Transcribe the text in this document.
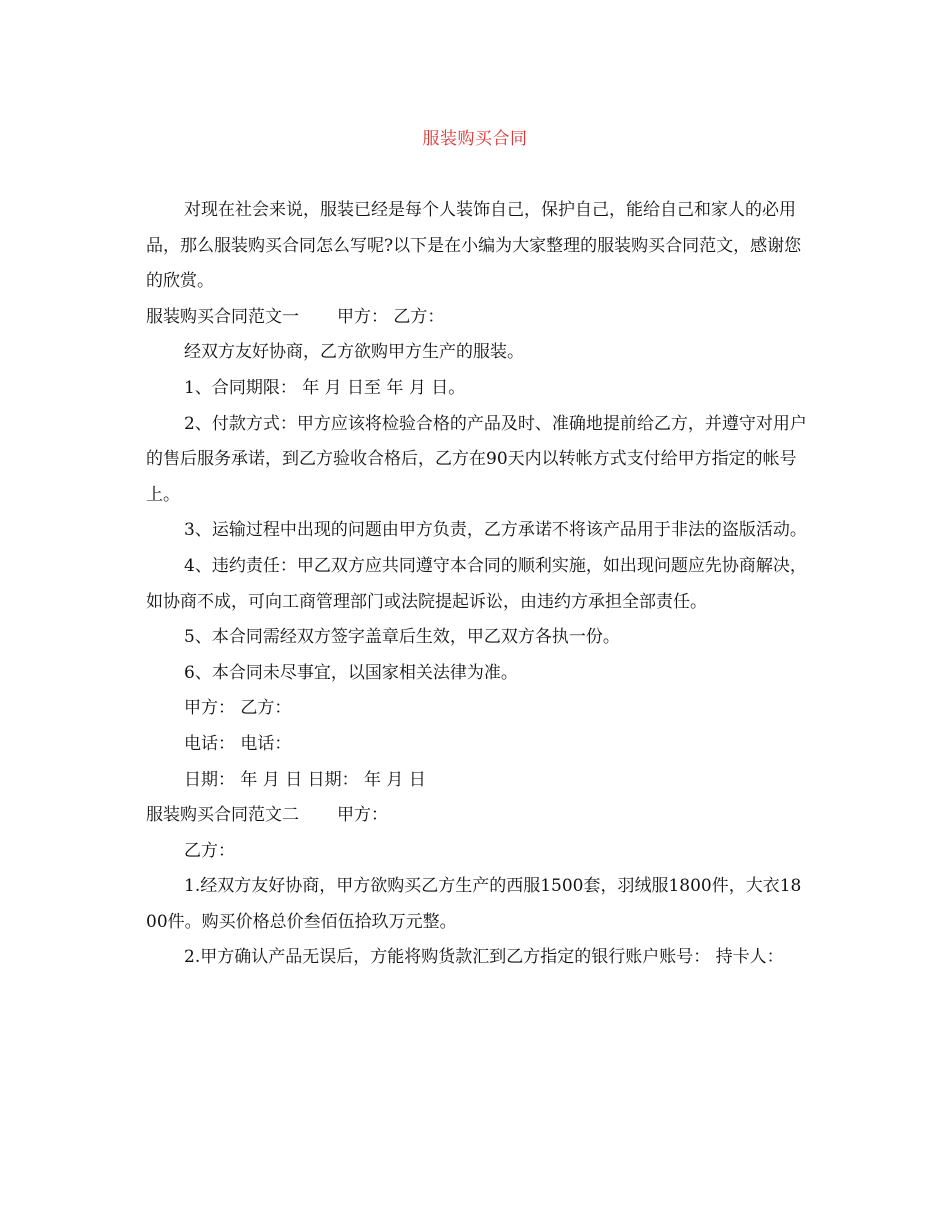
服装购买合同

对现在社会来说，服装已经是每个人装饰自己，保护自己，能给自己和家人的必用品，那么服装购买合同怎么写呢?以下是在小编为大家整理的服装购买合同范文，感谢您的欣赏。

服装购买合同范文一 甲方： 乙方：

经双方友好协商，乙方欲购甲方生产的服装。

1、合同期限： 年 月 日至 年 月 日。

2、付款方式：甲方应该将检验合格的产品及时、准确地提前给乙方，并遵守对用户的售后服务承诺，到乙方验收合格后，乙方在90天内以转帐方式支付给甲方指定的帐号上。

3、运输过程中出现的问题由甲方负责，乙方承诺不将该产品用于非法的盗版活动。

4、违约责任：甲乙双方应共同遵守本合同的顺利实施，如出现问题应先协商解决，如协商不成，可向工商管理部门或法院提起诉讼，由违约方承担全部责任。

5、本合同需经双方签字盖章后生效，甲乙双方各执一份。

6、本合同未尽事宜，以国家相关法律为准。

甲方： 乙方：

电话： 电话：

日期： 年 月 日 日期： 年 月 日

服装购买合同范文二 甲方：

乙方：

1.经双方友好协商，甲方欲购买乙方生产的西服1500套，羽绒服1800件，大衣1800件。购买价格总价叁佰伍拾玖万元整。

2.甲方确认产品无误后，方能将购货款汇到乙方指定的银行账户账号： 持卡人：
